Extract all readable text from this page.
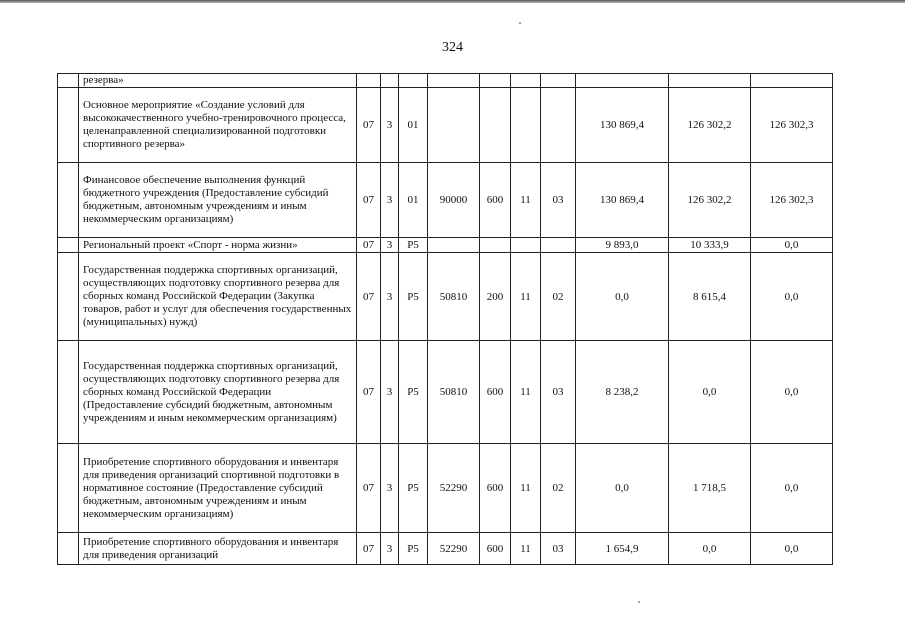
324
	резерва»										
	Основное мероприятие «Создание условий для высококачественного учебно-тренировочного процесса, целенаправленной специализированной подготовки спортивного резерва»	07	3	01					130 869,4	126 302,2	126 302,3
	Финансовое обеспечение выполнения функций бюджетного учреждения (Предоставление субсидий бюджетным, автономным учреждениям и иным некоммерческим организациям)	07	3	01	90000	600	11	03	130 869,4	126 302,2	126 302,3
	Региональный проект «Спорт - норма жизни»	07	3	P5					9 893,0	10 333,9	0,0
	Государственная поддержка спортивных организаций, осуществляющих подготовку спортивного резерва для сборных команд Российской Федерации (Закупка товаров, работ и услуг для обеспечения государственных (муниципальных) нужд)	07	3	P5	50810	200	11	02	0,0	8 615,4	0,0
	Государственная поддержка спортивных организаций, осуществляющих подготовку спортивного резерва для сборных команд Российской Федерации (Предоставление субсидий бюджетным, автономным учреждениям и иным некоммерческим организациям)	07	3	P5	50810	600	11	03	8 238,2	0,0	0,0
	Приобретение спортивного оборудования и инвентаря для приведения организаций спортивной подготовки в нормативное состояние (Предоставление субсидий бюджетным, автономным учреждениям и иным некоммерческим организациям)	07	3	P5	52290	600	11	02	0,0	1 718,5	0,0
	Приобретение спортивного оборудования и инвентаря для приведения организаций	07	3	P5	52290	600	11	03	1 654,9	0,0	0,0
